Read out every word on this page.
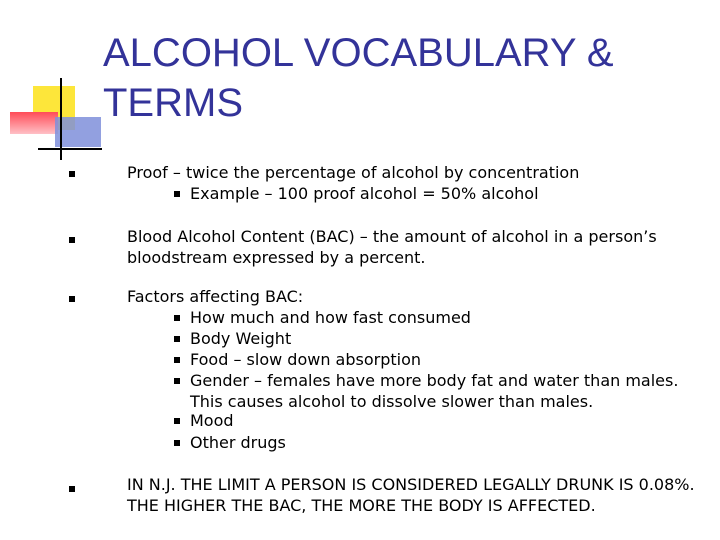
ALCOHOL VOCABULARY & TERMS
Proof – twice the percentage of alcohol by concentration
Example – 100 proof alcohol = 50% alcohol
Blood Alcohol Content (BAC) – the amount of alcohol in a person’s bloodstream expressed by a percent.
Factors affecting BAC:
How much and how fast consumed
Body Weight
Food – slow down absorption
Gender – females have more body fat and water than males. This causes alcohol to dissolve slower than males.
Mood
Other drugs
IN N.J. THE LIMIT A PERSON IS CONSIDERED LEGALLY DRUNK IS 0.08%. THE HIGHER THE BAC, THE MORE THE BODY IS AFFECTED.
